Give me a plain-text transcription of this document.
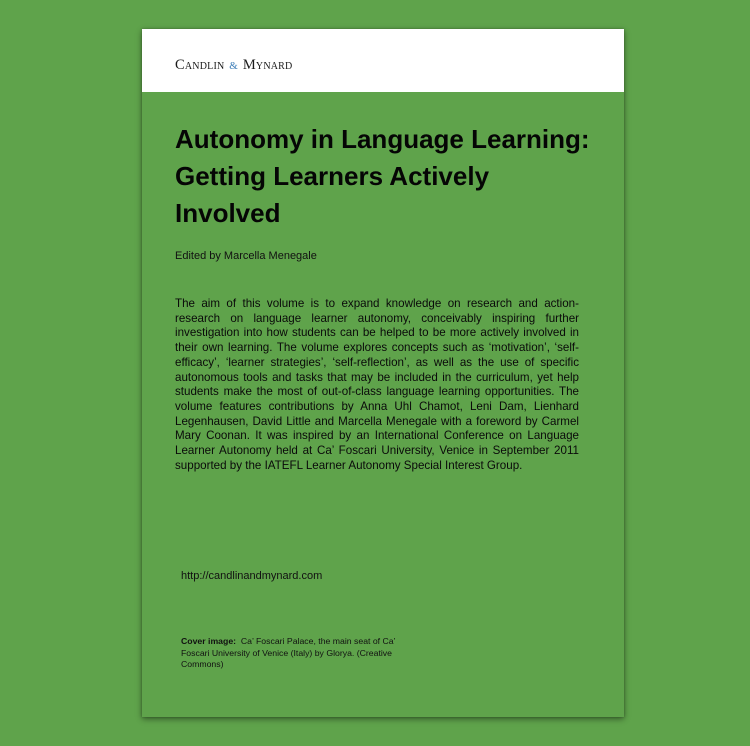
Candlin & Mynard
Autonomy in Language Learning: Getting Learners Actively Involved

Edited by Marcella Menegale

The aim of this volume is to expand knowledge on research and action-research on language learner autonomy, conceivably inspiring further investigation into how students can be helped to be more actively involved in their own learning. The volume explores concepts such as ‘motivation’, ‘self-efficacy’, ‘learner strategies’, ‘self-reflection’, as well as the use of specific autonomous tools and tasks that may be included in the curriculum, yet help students make the most of out-of-class language learning opportunities. The volume features contributions by Anna Uhl Chamot, Leni Dam, Lienhard Legenhausen, David Little and Marcella Menegale with a foreword by Carmel Mary Coonan. It was inspired by an International Conference on Language Learner Autonomy held at Ca’ Foscari University, Venice in September 2011 supported by the IATEFL Learner Autonomy Special Interest Group.

http://candlinandmynard.com

Cover image: Ca’ Foscari Palace, the main seat of Ca’ Foscari University of Venice (Italy) by Glorya. (Creative Commons)
